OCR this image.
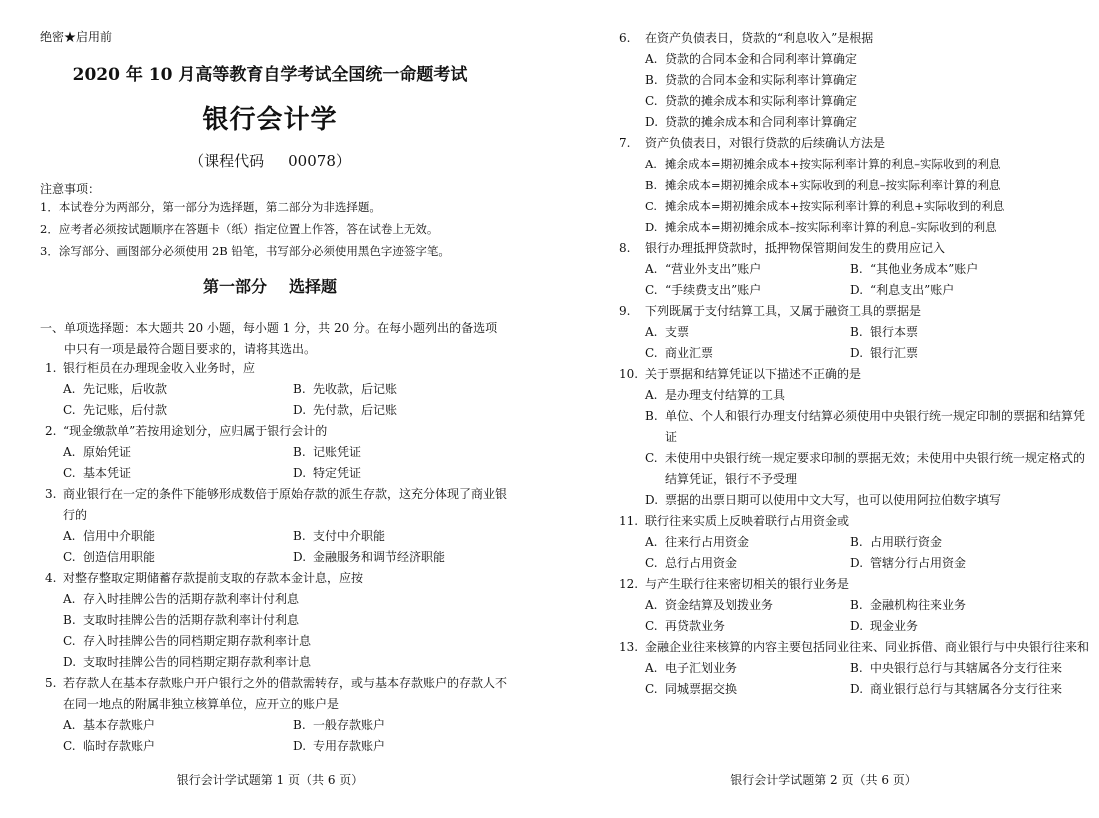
绝密★启用前
2020 年 10 月高等教育自学考试全国统一命题考试
银行会计学
（课程代码 00078）
注意事项：
1．本试卷分为两部分，第一部分为选择题，第二部分为非选择题。
2．应考者必须按试题顺序在答题卡（纸）指定位置上作答，答在试卷上无效。
3．涂写部分、画图部分必须使用 2B 铅笔，书写部分必须使用黑色字迹签字笔。
第一部分 选择题
一、单项选择题：本大题共 20 小题，每小题 1 分，共 20 分。在每小题列出的备选项
中只有一项是最符合题目要求的，请将其选出。
1. 银行柜员在办理现金收入业务时，应
A. 先记账，后收款	B. 先收款，后记账
C. 先记账，后付款	D. 先付款，后记账
2. “现金缴款单”若按用途划分，应归属于银行会计的
A. 原始凭证	B. 记账凭证
C. 基本凭证	D. 特定凭证
3. 商业银行在一定的条件下能够形成数倍于原始存款的派生存款，这充分体现了商业银行的
A. 信用中介职能	B. 支付中介职能
C. 创造信用职能	D. 金融服务和调节经济职能
4. 对整存整取定期储蓄存款提前支取的存款本金计息，应按
A. 存入时挂牌公告的活期存款利率计付利息
B. 支取时挂牌公告的活期存款利率计付利息
C. 存入时挂牌公告的同档期定期存款利率计息
D. 支取时挂牌公告的同档期定期存款利率计息
5. 若存款人在基本存款账户开户银行之外的借款需转存，或与基本存款账户的存款人不在同一地点的附属非独立核算单位，应开立的账户是
A. 基本存款账户	B. 一般存款账户
C. 临时存款账户	D. 专用存款账户
银行会计学试题第 1 页（共 6 页）
6. 在资产负债表日，贷款的“利息收入”是根据
A. 贷款的合同本金和合同利率计算确定
B. 贷款的合同本金和实际利率计算确定
C. 贷款的摊余成本和实际利率计算确定
D. 贷款的摊余成本和合同利率计算确定
7. 资产负债表日，对银行贷款的后续确认方法是
A. 摊余成本=期初摊余成本+按实际利率计算的利息–实际收到的利息
B. 摊余成本=期初摊余成本+实际收到的利息–按实际利率计算的利息
C. 摊余成本=期初摊余成本+按实际利率计算的利息+实际收到的利息
D. 摊余成本=期初摊余成本–按实际利率计算的利息–实际收到的利息
8. 银行办理抵押贷款时，抵押物保管期间发生的费用应记入
A. “营业外支出”账户	B. “其他业务成本”账户
C. “手续费支出”账户	D. “利息支出”账户
9. 下列既属于支付结算工具，又属于融资工具的票据是
A. 支票	B. 银行本票
C. 商业汇票	D. 银行汇票
10. 关于票据和结算凭证以下描述不正确的是
A. 是办理支付结算的工具
B. 单位、个人和银行办理支付结算必须使用中央银行统一规定印制的票据和结算凭证
C. 未使用中央银行统一规定要求印制的票据无效；未使用中央银行统一规定格式的结算凭证，银行不予受理
D. 票据的出票日期可以使用中文大写，也可以使用阿拉伯数字填写
11. 联行往来实质上反映着联行占用资金或
A. 往来行占用资金	B. 占用联行资金
C. 总行占用资金	D. 管辖分行占用资金
12. 与产生联行往来密切相关的银行业务是
A. 资金结算及划拨业务	B. 金融机构往来业务
C. 再贷款业务	D. 现金业务
13. 金融企业往来核算的内容主要包括同业往来、同业拆借、商业银行与中央银行往来和
A. 电子汇划业务	B. 中央银行总行与其辖属各分支行往来
C. 同城票据交换	D. 商业银行总行与其辖属各分支行往来
银行会计学试题第 2 页（共 6 页）
